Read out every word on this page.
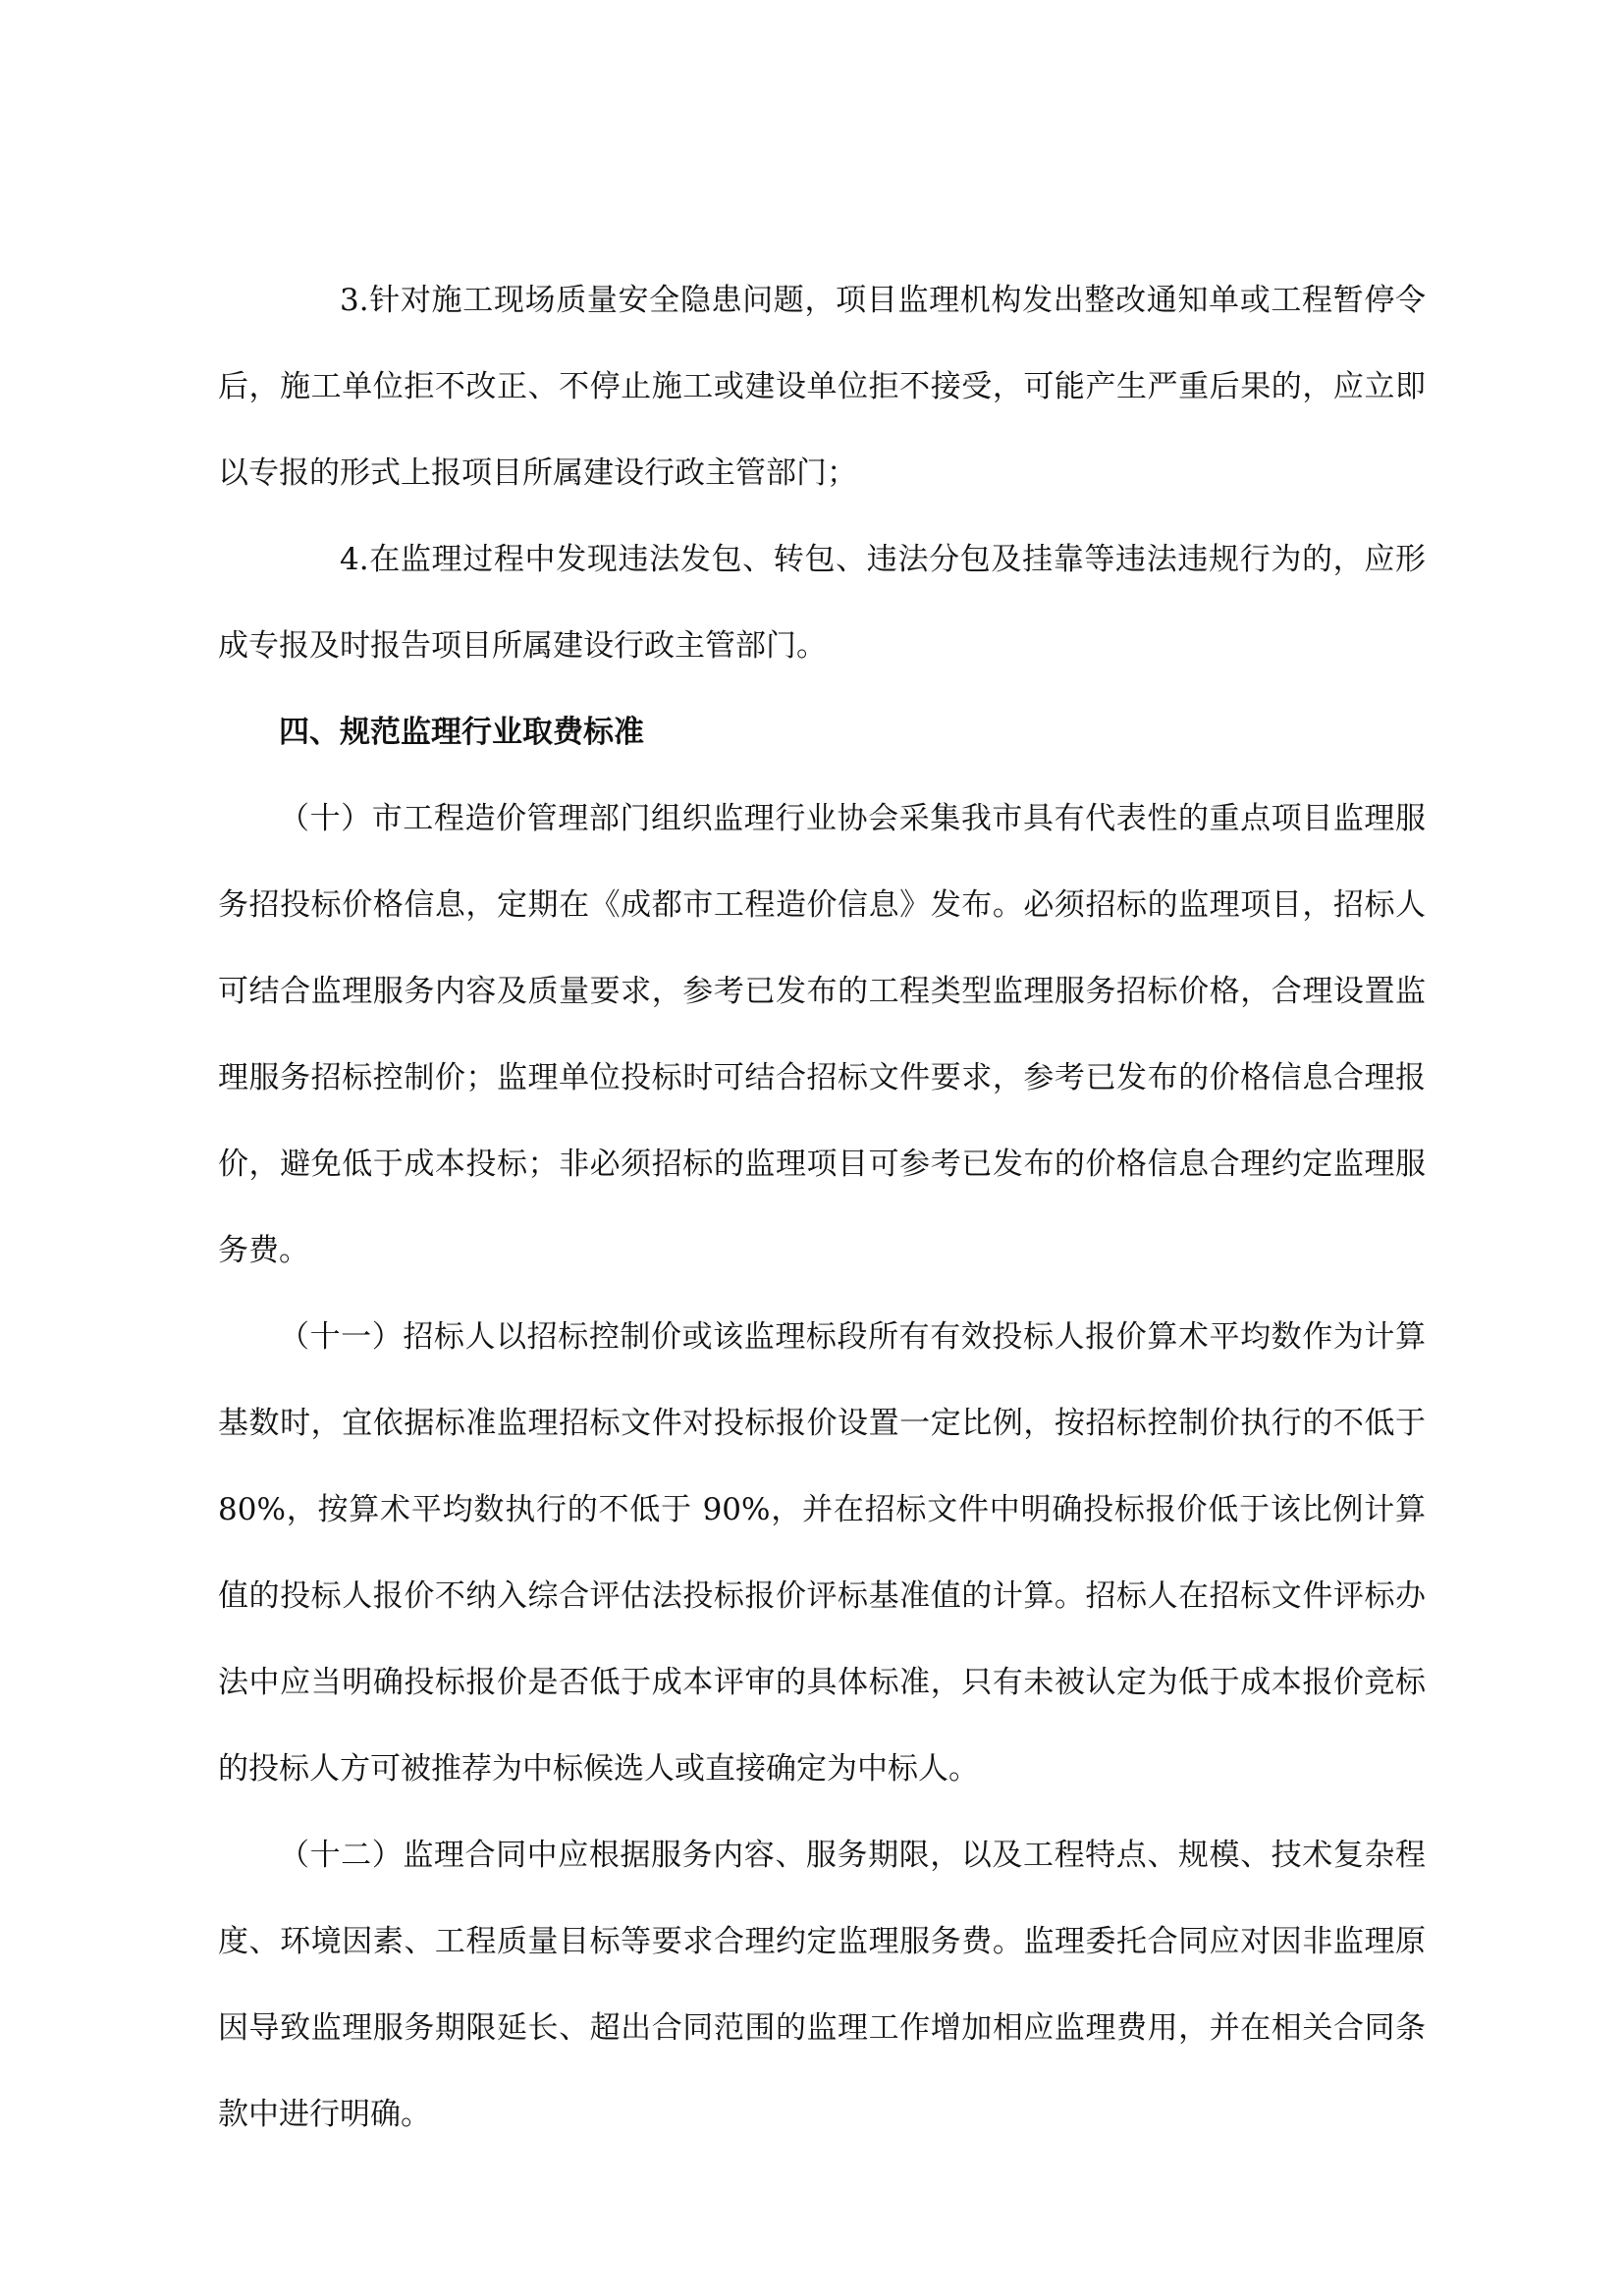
3.针对施工现场质量安全隐患问题，项目监理机构发出整改通知单或工程暂停令后，施工单位拒不改正、不停止施工或建设单位拒不接受，可能产生严重后果的，应立即以专报的形式上报项目所属建设行政主管部门；

4.在监理过程中发现违法发包、转包、违法分包及挂靠等违法违规行为的，应形成专报及时报告项目所属建设行政主管部门。

四、规范监理行业取费标准

（十）市工程造价管理部门组织监理行业协会采集我市具有代表性的重点项目监理服务招投标价格信息，定期在《成都市工程造价信息》发布。必须招标的监理项目，招标人可结合监理服务内容及质量要求，参考已发布的工程类型监理服务招标价格，合理设置监理服务招标控制价；监理单位投标时可结合招标文件要求，参考已发布的价格信息合理报价，避免低于成本投标；非必须招标的监理项目可参考已发布的价格信息合理约定监理服务费。

（十一）招标人以招标控制价或该监理标段所有有效投标人报价算术平均数作为计算基数时，宜依据标准监理招标文件对投标报价设置一定比例，按招标控制价执行的不低于 80%，按算术平均数执行的不低于 90%，并在招标文件中明确投标报价低于该比例计算值的投标人报价不纳入综合评估法投标报价评标基准值的计算。招标人在招标文件评标办法中应当明确投标报价是否低于成本评审的具体标准，只有未被认定为低于成本报价竞标的投标人方可被推荐为中标候选人或直接确定为中标人。

（十二）监理合同中应根据服务内容、服务期限，以及工程特点、规模、技术复杂程度、环境因素、工程质量目标等要求合理约定监理服务费。监理委托合同应对因非监理原因导致监理服务期限延长、超出合同范围的监理工作增加相应监理费用，并在相关合同条款中进行明确。
